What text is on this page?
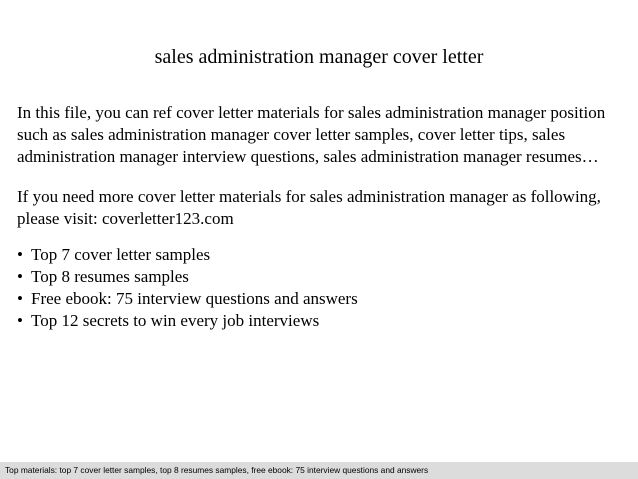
sales administration manager cover letter

In this file, you can ref cover letter materials for sales administration manager position such as sales administration manager cover letter samples, cover letter tips, sales administration manager interview questions, sales administration manager resumes…

If you need more cover letter materials for sales administration manager as following, please visit: coverletter123.com

• Top 7 cover letter samples
• Top 8 resumes samples
• Free ebook: 75 interview questions and answers
• Top 12 secrets to win every job interviews
Top materials: top 7 cover letter samples, top 8 resumes samples, free ebook: 75 interview questions and answers
